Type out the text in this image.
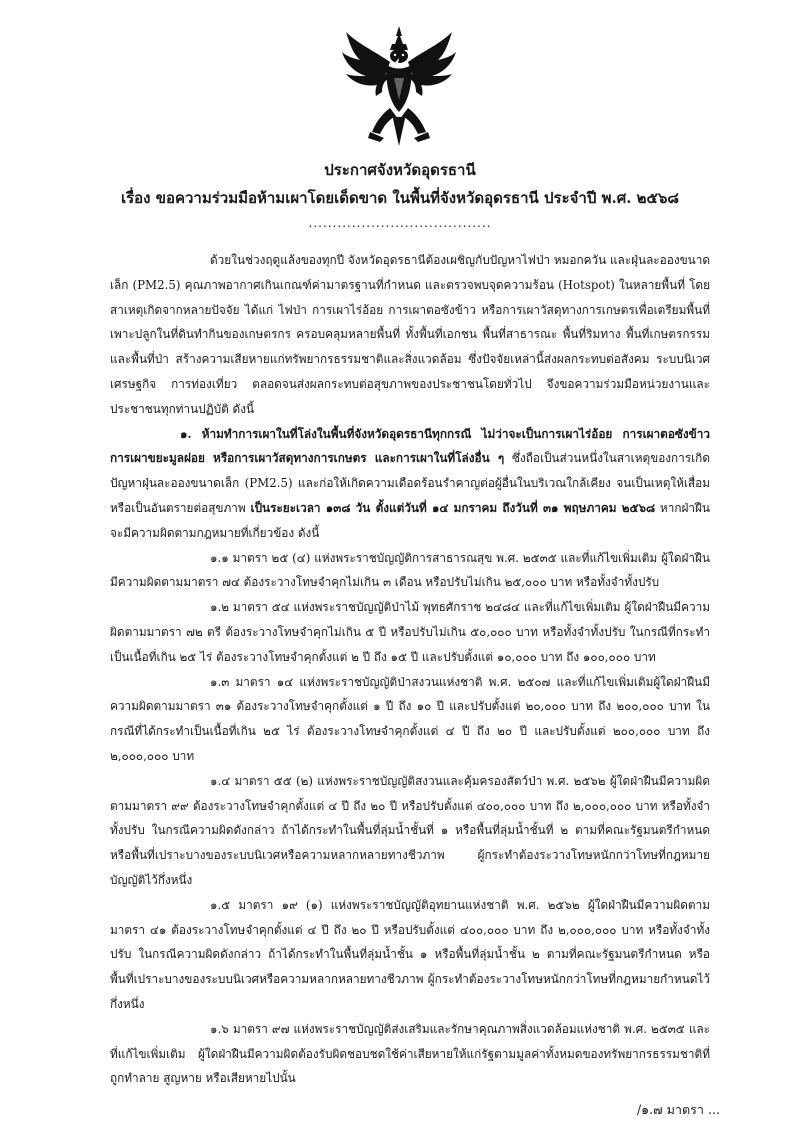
ประกาศจังหวัดอุดรธานี
เรื่อง ขอความร่วมมือห้ามเผาโดยเด็ดขาด ในพื้นที่จังหวัดอุดรธานี ประจำปี พ.ศ. ๒๕๖๘
......................................

ด้วยในช่วงฤดูแล้งของทุกปี จังหวัดอุดรธานีต้องเผชิญกับปัญหาไฟป่า หมอกควัน และฝุ่นละอองขนาดเล็ก (PM2.5) คุณภาพอากาศเกินเกณฑ์ค่ามาตรฐานที่กำหนด และตรวจพบจุดความร้อน (Hotspot) ในหลายพื้นที่ โดยสาเหตุเกิดจากหลายปัจจัย ได้แก่ ไฟป่า การเผาไร่อ้อย การเผาตอซังข้าว หรือการเผาวัสดุทางการเกษตรเพื่อเตรียมพื้นที่เพาะปลูกในที่ดินทำกินของเกษตรกร ครอบคลุมหลายพื้นที่ ทั้งพื้นที่เอกชน พื้นที่สาธารณะ พื้นที่ริมทาง พื้นที่เกษตรกรรม และพื้นที่ป่า สร้างความเสียหายแก่ทรัพยากรธรรมชาติและสิ่งแวดล้อม ซึ่งปัจจัยเหล่านี้ส่งผลกระทบต่อสังคม ระบบนิเวศ เศรษฐกิจ การท่องเที่ยว ตลอดจนส่งผลกระทบต่อสุขภาพของประชาชนโดยทั่วไป จึงขอความร่วมมือหน่วยงานและประชาชนทุกท่านปฏิบัติ ดังนี้

๑. ห้ามทำการเผาในที่โล่งในพื้นที่จังหวัดอุดรธานีทุกกรณี ไม่ว่าจะเป็นการเผาไร่อ้อย การเผาตอซังข้าว การเผาขยะมูลฝอย หรือการเผาวัสดุทางการเกษตร และการเผาในที่โล่งอื่น ๆ ซึ่งถือเป็นส่วนหนึ่งในสาเหตุของการเกิดปัญหาฝุ่นละอองขนาดเล็ก (PM2.5) และก่อให้เกิดความเดือดร้อนรำคาญต่อผู้อื่นในบริเวณใกล้เคียง จนเป็นเหตุให้เสื่อมหรือเป็นอันตรายต่อสุขภาพ เป็นระยะเวลา ๑๓๘ วัน ตั้งแต่วันที่ ๑๔ มกราคม ถึงวันที่ ๓๑ พฤษภาคม ๒๕๖๘ หากฝ่าฝืนจะมีความผิดตามกฎหมายที่เกี่ยวข้อง ดังนี้

๑.๑ มาตรา ๒๕ (๔) แห่งพระราชบัญญัติการสาธารณสุข พ.ศ. ๒๕๓๕ และที่แก้ไขเพิ่มเติม ผู้ใดฝ่าฝืนมีความผิดตามมาตรา ๗๔ ต้องระวางโทษจำคุกไม่เกิน ๓ เดือน หรือปรับไม่เกิน ๒๕,๐๐๐ บาท หรือทั้งจำทั้งปรับ

๑.๒ มาตรา ๕๔ แห่งพระราชบัญญัติป่าไม้ พุทธศักราช ๒๔๘๔ และที่แก้ไขเพิ่มเติม ผู้ใดฝ่าฝืนมีความผิดตามมาตรา ๗๒ ตรี ต้องระวางโทษจำคุกไม่เกิน ๕ ปี หรือปรับไม่เกิน ๕๐,๐๐๐ บาท หรือทั้งจำทั้งปรับ ในกรณีที่กระทำเป็นเนื้อที่เกิน ๒๕ ไร่ ต้องระวางโทษจำคุกตั้งแต่ ๒ ปี ถึง ๑๕ ปี และปรับตั้งแต่ ๑๐,๐๐๐ บาท ถึง ๑๐๐,๐๐๐ บาท

๑.๓ มาตรา ๑๔ แห่งพระราชบัญญัติป่าสงวนแห่งชาติ พ.ศ. ๒๕๐๗ และที่แก้ไขเพิ่มเติมผู้ใดฝ่าฝืนมีความผิดตามมาตรา ๓๑ ต้องระวางโทษจำคุกตั้งแต่ ๑ ปี ถึง ๑๐ ปี และปรับตั้งแต่ ๒๐,๐๐๐ บาท ถึง ๒๐๐,๐๐๐ บาท ในกรณีที่ได้กระทำเป็นเนื้อที่เกิน ๒๕ ไร่ ต้องระวางโทษจำคุกตั้งแต่ ๔ ปี ถึง ๒๐ ปี และปรับตั้งแต่ ๒๐๐,๐๐๐ บาท ถึง ๒,๐๐๐,๐๐๐ บาท

๑.๔ มาตรา ๕๕ (๒) แห่งพระราชบัญญัติสงวนและคุ้มครองสัตว์ป่า พ.ศ. ๒๕๖๒ ผู้ใดฝ่าฝืนมีความผิดตามมาตรา ๙๙ ต้องระวางโทษจำคุกตั้งแต่ ๔ ปี ถึง ๒๐ ปี หรือปรับตั้งแต่ ๔๐๐,๐๐๐ บาท ถึง ๒,๐๐๐,๐๐๐ บาท หรือทั้งจำทั้งปรับ ในกรณีความผิดดังกล่าว ถ้าได้กระทำในพื้นที่ลุ่มน้ำชั้นที่ ๑ หรือพื้นที่ลุ่มน้ำชั้นที่ ๒ ตามที่คณะรัฐมนตรีกำหนด หรือพื้นที่เปราะบางของระบบนิเวศหรือความหลากหลายทางชีวภาพ ผู้กระทำต้องระวางโทษหนักกว่าโทษที่กฎหมายบัญญัติไว้กึ่งหนึ่ง

๑.๕ มาตรา ๑๙ (๑) แห่งพระราชบัญญัติอุทยานแห่งชาติ พ.ศ. ๒๕๖๒ ผู้ใดฝ่าฝืนมีความผิดตามมาตรา ๔๑ ต้องระวางโทษจำคุกตั้งแต่ ๔ ปี ถึง ๒๐ ปี หรือปรับตั้งแต่ ๔๐๐,๐๐๐ บาท ถึง ๒,๐๐๐,๐๐๐ บาท หรือทั้งจำทั้งปรับ ในกรณีความผิดดังกล่าว ถ้าได้กระทำในพื้นที่ลุ่มน้ำชั้น ๑ หรือพื้นที่ลุ่มน้ำชั้น ๒ ตามที่คณะรัฐมนตรีกำหนด หรือพื้นที่เปราะบางของระบบนิเวศหรือความหลากหลายทางชีวภาพ ผู้กระทำต้องระวางโทษหนักกว่าโทษที่กฎหมายกำหนดไว้กึ่งหนึ่ง

๑.๖ มาตรา ๙๗ แห่งพระราชบัญญัติส่งเสริมและรักษาคุณภาพสิ่งแวดล้อมแห่งชาติ พ.ศ. ๒๕๓๕ และที่แก้ไขเพิ่มเติม ผู้ใดฝ่าฝืนมีความผิดต้องรับผิดชอบชดใช้ค่าเสียหายให้แก่รัฐตามมูลค่าทั้งหมดของทรัพยากรธรรมชาติที่ถูกทำลาย สูญหาย หรือเสียหายไปนั้น

/๑.๗ มาตรา ...
